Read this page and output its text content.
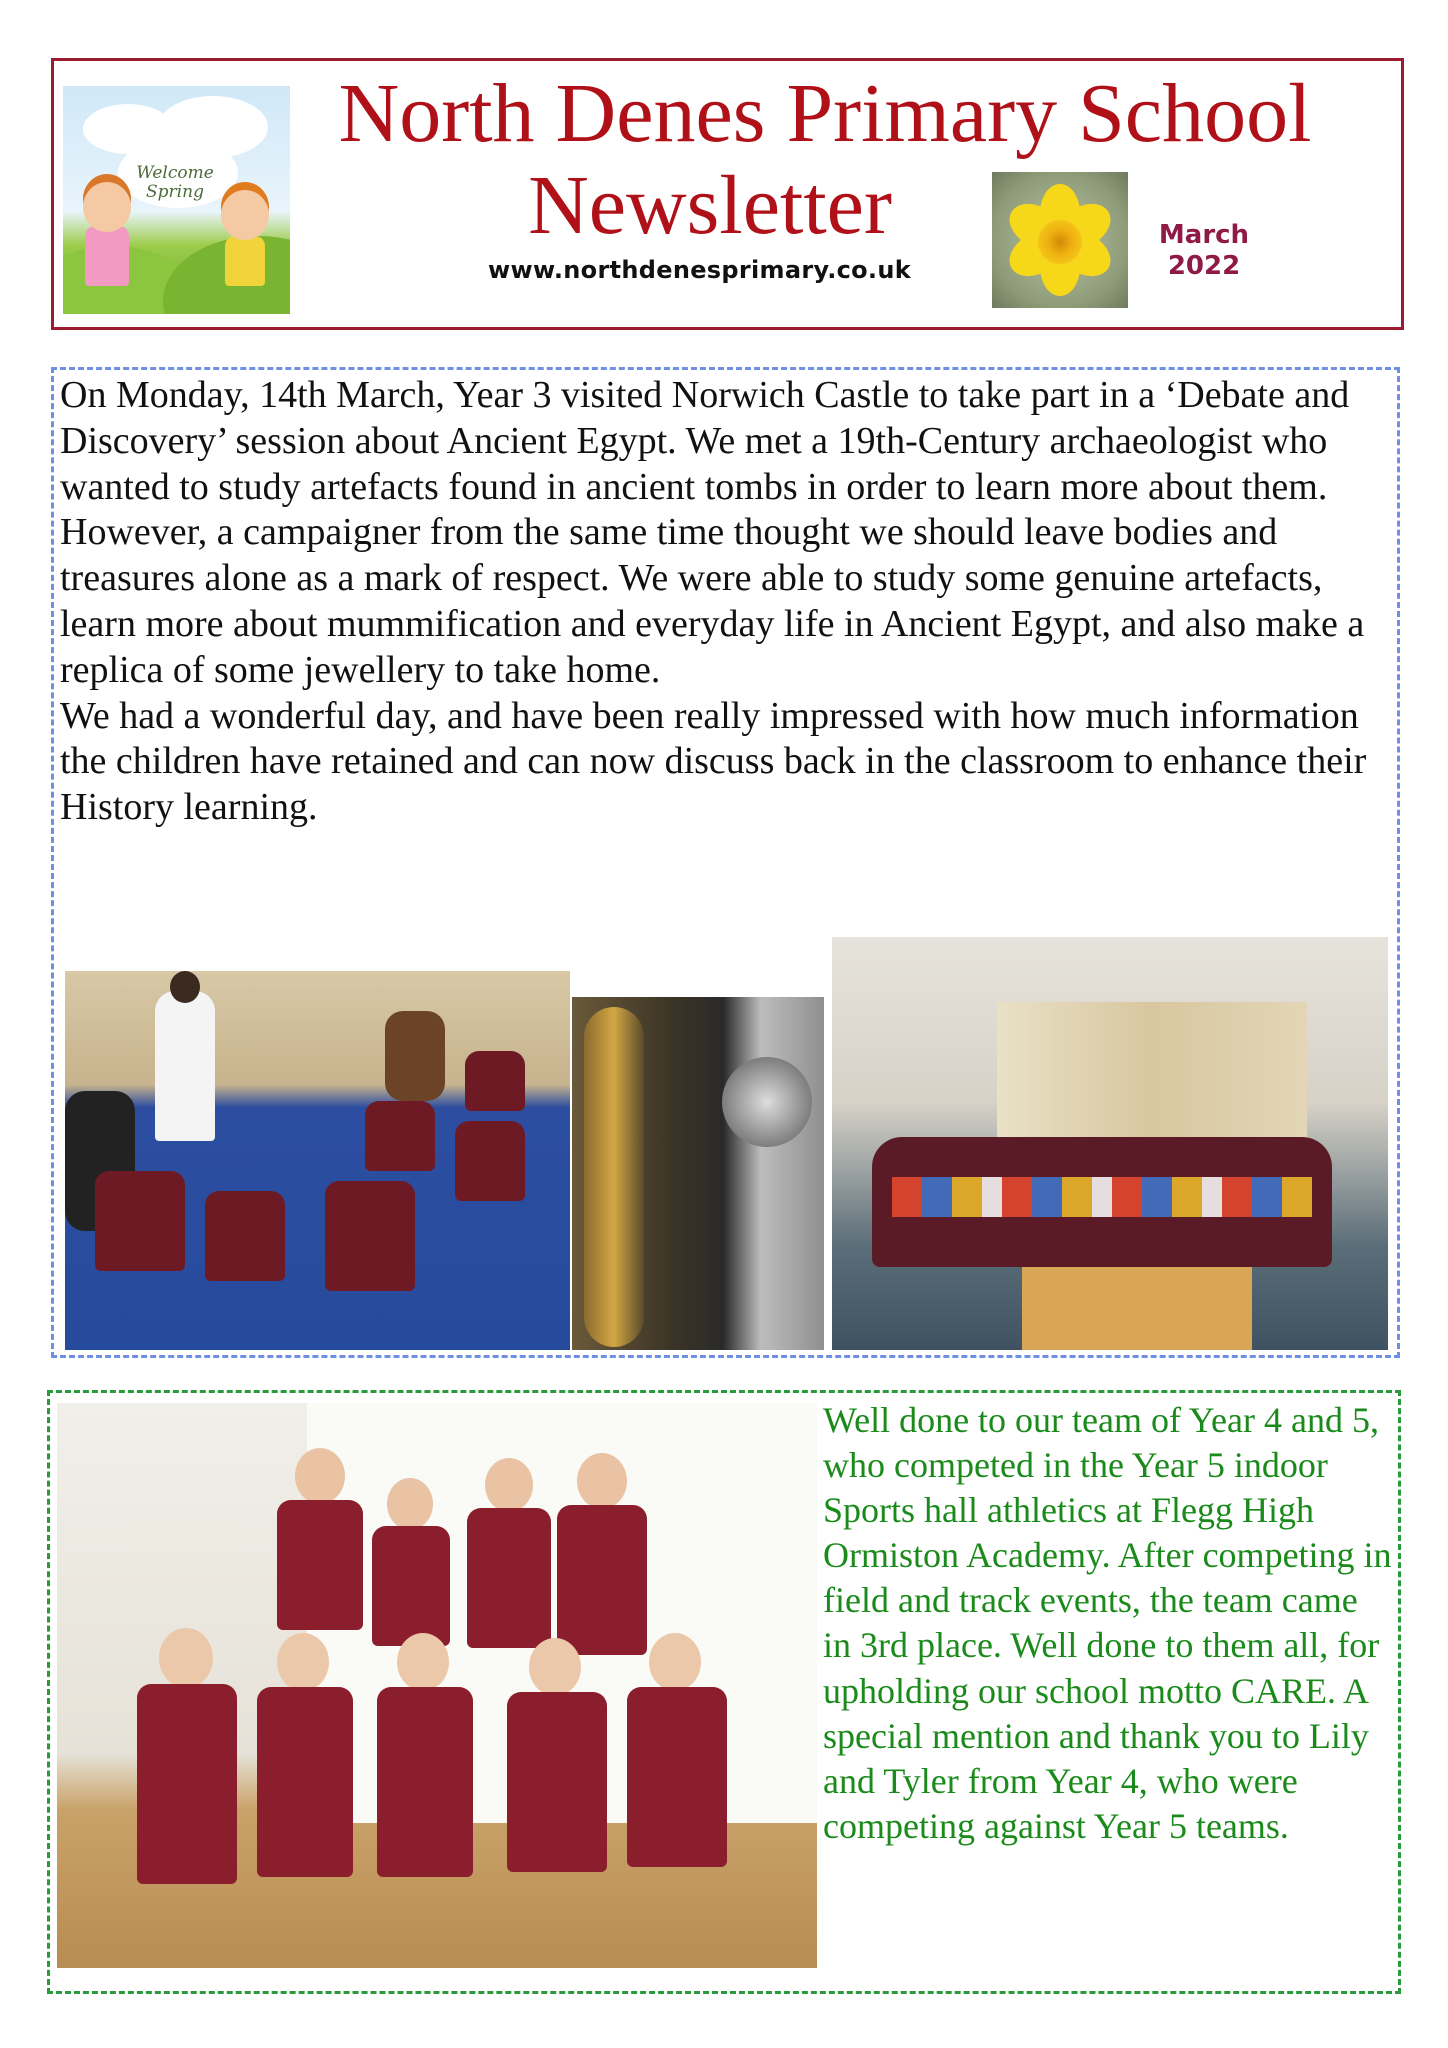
Welcome Spring
North Denes Primary School
Newsletter
www.northdenesprimary.co.uk
March
2022

On Monday, 14th March, Year 3 visited Norwich Castle to take part in a ‘Debate and Discovery’ session about Ancient Egypt. We met a 19th-Century archaeologist who wanted to study artefacts found in ancient tombs in order to learn more about them. However, a campaigner from the same time thought we should leave bodies and treasures alone as a mark of respect. We were able to study some genuine artefacts, learn more about mummification and everyday life in Ancient Egypt, and also make a replica of some jewellery to take home.

We had a wonderful day, and have been really impressed with how much information the children have retained and can now discuss back in the classroom to enhance their History learning.

Well done to our team of Year 4 and 5, who competed in the Year 5 indoor Sports hall athletics at Flegg High Ormiston Academy. After competing in field and track events, the team came in 3rd place. Well done to them all, for upholding our school motto CARE. A special mention and thank you to Lily and Tyler from Year 4, who were competing against Year 5 teams.
